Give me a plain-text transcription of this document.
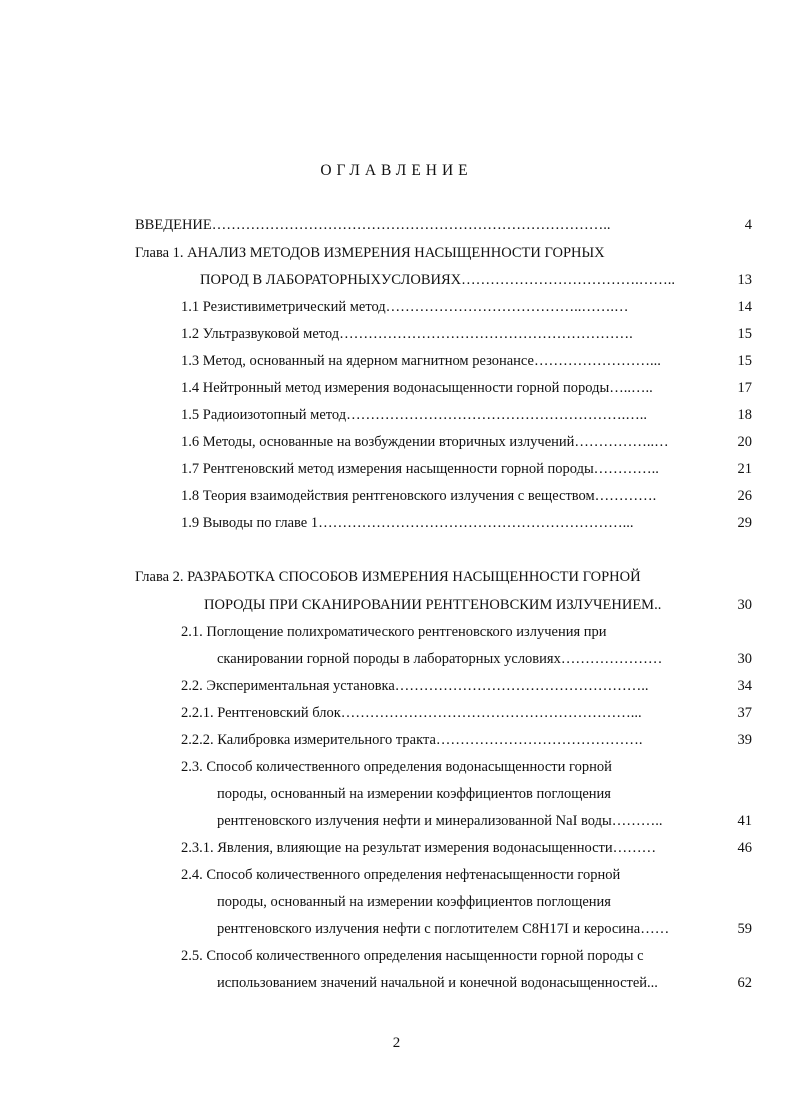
ОГЛАВЛЕНИЕ
ВВЕДЕНИЕ………………………………………………………………………..	4
Глава 1. АНАЛИЗ МЕТОДОВ ИЗМЕРЕНИЯ НАСЫЩЕННОСТИ ГОРНЫХ
ПОРОД В ЛАБОРАТОРНЫХУСЛОВИЯХ……………………………….……..	13
1.1 Резистивиметрический метод…………………………………..…….…	14
1.2 Ультразвуковой метод…………………………………………………….	15
1.3 Метод, основанный на ядерном магнитном резонансе……………………...	15
1.4 Нейтронный метод измерения водонасыщенности горной породы…..…..	17
1.5 Радиоизотопный метод………………………………………………….…..	18
1.6 Методы, основанные на возбуждении вторичных излучений……………..…	20
1.7 Рентгеновский метод измерения насыщенности горной породы…………..	21
1.8 Теория взаимодействия рентгеновского излучения с веществом………….	26
1.9 Выводы по главе 1………………………………………………………...	29
Глава 2. РАЗРАБОТКА СПОСОБОВ ИЗМЕРЕНИЯ НАСЫЩЕННОСТИ ГОРНОЙ
ПОРОДЫ ПРИ СКАНИРОВАНИИ РЕНТГЕНОВСКИМ ИЗЛУЧЕНИЕМ..	30
2.1. Поглощение полихроматического рентгеновского излучения при
сканировании горной породы в лабораторных условиях…………………	30
2.2. Экспериментальная установка……………………………………………..	34
2.2.1. Рентгеновский блок……………………………………………………...	37
2.2.2. Калибровка измерительного тракта…………………………………….	39
2.3. Способ количественного определения водонасыщенности горной
породы, основанный на измерении коэффициентов поглощения
рентгеновского излучения нефти и минерализованной NaI воды………..	41
2.3.1. Явления, влияющие на результат измерения водонасыщенности………	46
2.4. Способ количественного определения нефтенасыщенности горной
породы, основанный на измерении коэффициентов поглощения
рентгеновского излучения нефти с поглотителем C8H17I и керосина……	59
2.5. Способ количественного определения насыщенности горной породы с
использованием значений начальной и конечной водонасыщенностей...	62
2
